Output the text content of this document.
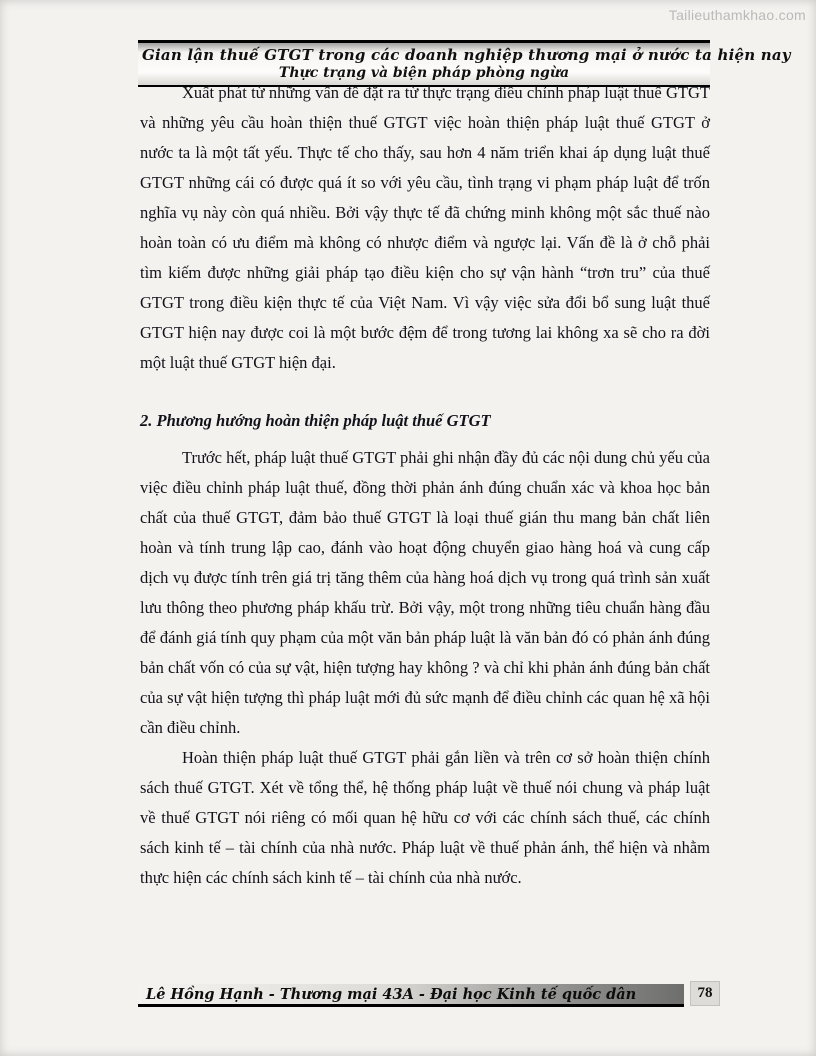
Tailieuthamkhao.com
Gian lận thuế GTGT trong các doanh nghiệp thương mại ở nước ta hiện nay
Thực trạng và biện pháp phòng ngừa

Xuất phát từ những vấn đề đặt ra từ thực trạng điều chỉnh pháp luật thuế GTGT và những yêu cầu hoàn thiện thuế GTGT việc hoàn thiện pháp luật thuế GTGT ở nước ta là một tất yếu. Thực tế cho thấy, sau hơn 4 năm triển khai áp dụng luật thuế GTGT những cái có được quá ít so với yêu cầu, tình trạng vi phạm pháp luật để trốn nghĩa vụ này còn quá nhiều. Bởi vậy thực tế đã chứng minh không một sắc thuế nào hoàn toàn có ưu điểm mà không có nhược điểm và ngược lại. Vấn đề là ở chỗ phải tìm kiếm được những giải pháp tạo điều kiện cho sự vận hành “trơn tru” của thuế GTGT trong điều kiện thực tế của Việt Nam. Vì vậy việc sửa đổi bổ sung luật thuế GTGT hiện nay được coi là một bước đệm để trong tương lai không xa sẽ cho ra đời một luật thuế GTGT hiện đại.

2. Phương hướng hoàn thiện pháp luật thuế GTGT

Trước hết, pháp luật thuế GTGT phải ghi nhận đầy đủ các nội dung chủ yếu của việc điều chỉnh pháp luật thuế, đồng thời phản ánh đúng chuẩn xác và khoa học bản chất của thuế GTGT, đảm bảo thuế GTGT là loại thuế gián thu mang bản chất liên hoàn và tính trung lập cao, đánh vào hoạt động chuyển giao hàng hoá và cung cấp dịch vụ được tính trên giá trị tăng thêm của hàng hoá dịch vụ trong quá trình sản xuất lưu thông theo phương pháp khấu trừ. Bởi vậy, một trong những tiêu chuẩn hàng đầu để đánh giá tính quy phạm của một văn bản pháp luật là văn bản đó có phản ánh đúng bản chất vốn có của sự vật, hiện tượng hay không ? và chỉ khi phản ánh đúng bản chất của sự vật hiện tượng thì pháp luật mới đủ sức mạnh để điều chỉnh các quan hệ xã hội cần điều chỉnh.

Hoàn thiện pháp luật thuế GTGT phải gắn liền và trên cơ sở hoàn thiện chính sách thuế GTGT. Xét về tổng thể, hệ thống pháp luật về thuế nói chung và pháp luật về thuế GTGT nói riêng có mối quan hệ hữu cơ với các chính sách thuế, các chính sách kinh tế – tài chính của nhà nước. Pháp luật về thuế phản ánh, thể hiện và nhằm thực hiện các chính sách kinh tế – tài chính của nhà nước.

Lê Hồng Hạnh - Thương mại 43A - Đại học Kinh tế quốc dân	78
